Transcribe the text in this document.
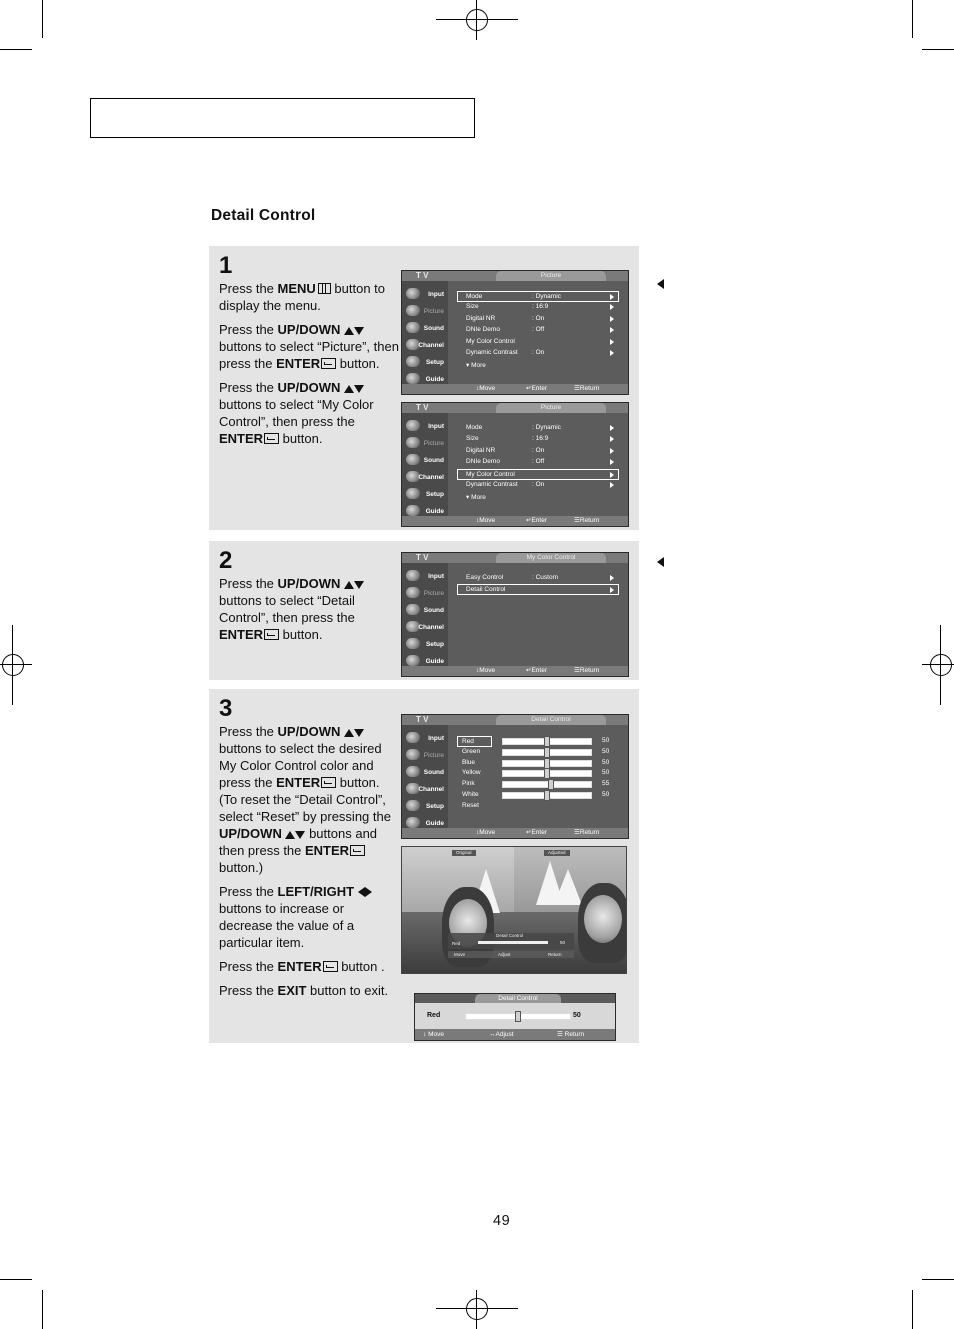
Detail Control
1

Press the MENU button to display the menu.

Press the UP/DOWN  buttons to select “Picture”, then press the ENTER button.

Press the UP/DOWN  buttons to select “My Color Control”, then press the ENTER button.

T V	Picture
Input
Picture
Sound
Channel
Setup
Guide
Mode	: Dynamic
Size	: 16:9
Digital NR	: On
DNIe Demo	: Off
My Color Control
Dynamic Contrast : On
▾ More
↕ Move	↵ Enter	☰ Return
T V	Picture
Input
Picture
Sound
Channel
Setup
Guide
Mode	: Dynamic
Size	: 16:9
Digital NR	: On
DNIe Demo	: Off
My Color Control
Dynamic Contrast : On
▾ More
↕ Move	↵ Enter	☰ Return
2

Press the UP/DOWN  buttons to select “Detail Control”, then press the ENTER button.

T V	My Color Control
Input
Picture
Sound
Channel
Setup
Guide
Easy Control	: Custom
Detail Control
↕ Move	↵ Enter	☰ Return
3

Press the UP/DOWN  buttons to select the desired My Color Control color and press the ENTER button. (To reset the “Detail Control”, select “Reset” by pressing the UP/DOWN  buttons and then press the ENTER button.)

Press the LEFT/RIGHT  buttons to increase or decrease the value of a particular item.

Press the ENTER button .

Press the EXIT button to exit.

T V	Detail Control
Input
Picture
Sound
Channel
Setup
Guide
Red	50
Green	50
Blue	50
Yellow	50
Pink	55
White	50
Reset
↕ Move	↵ Enter	☰ Return
Original	Adjusted
Detail Control
Red	50
Move	Adjust	Return
Detail Control
Red	50
↕ Move	↔Adjust	☰ Return
49
